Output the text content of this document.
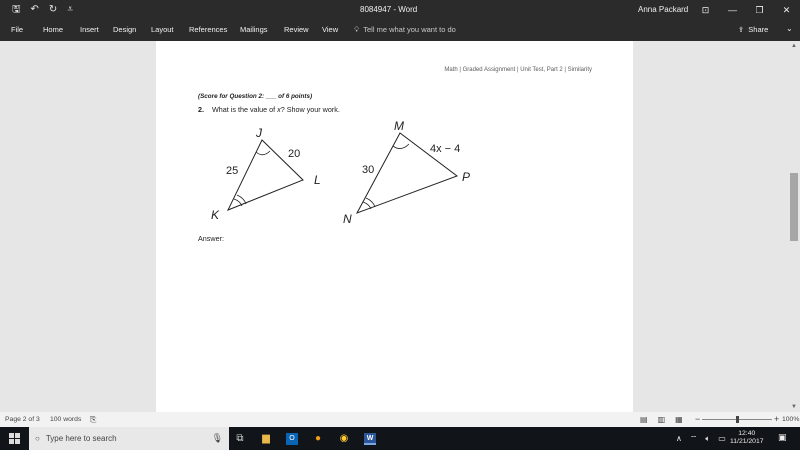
🖫 ↶ ↻ ⩡	8084947 - Word	Anna Packard	⊡	—	❐	✕
File	Home Insert Design Layout References Mailings Review View 💡︎ Tell me what you want to do	⇪ Share ⌄
Math | Graded Assignment | Unit Test, Part 2 | Similarity
(Score for Question 2: ___ of 6 points)
2. What is the value of x? Show your work.
J
K
L
25
20
M
N
P
30
4x − 4
Answer:
▲
▼
Page 2 of 3 100 words ⎘	▤ ▥ ▦ −	+ 100%
○ Type here to search	🎙︎ ⧉ ▆	O	● ◉	W	∧ ⌔ 🔈︎ ▭
12:40
11/21/2017 ▣
